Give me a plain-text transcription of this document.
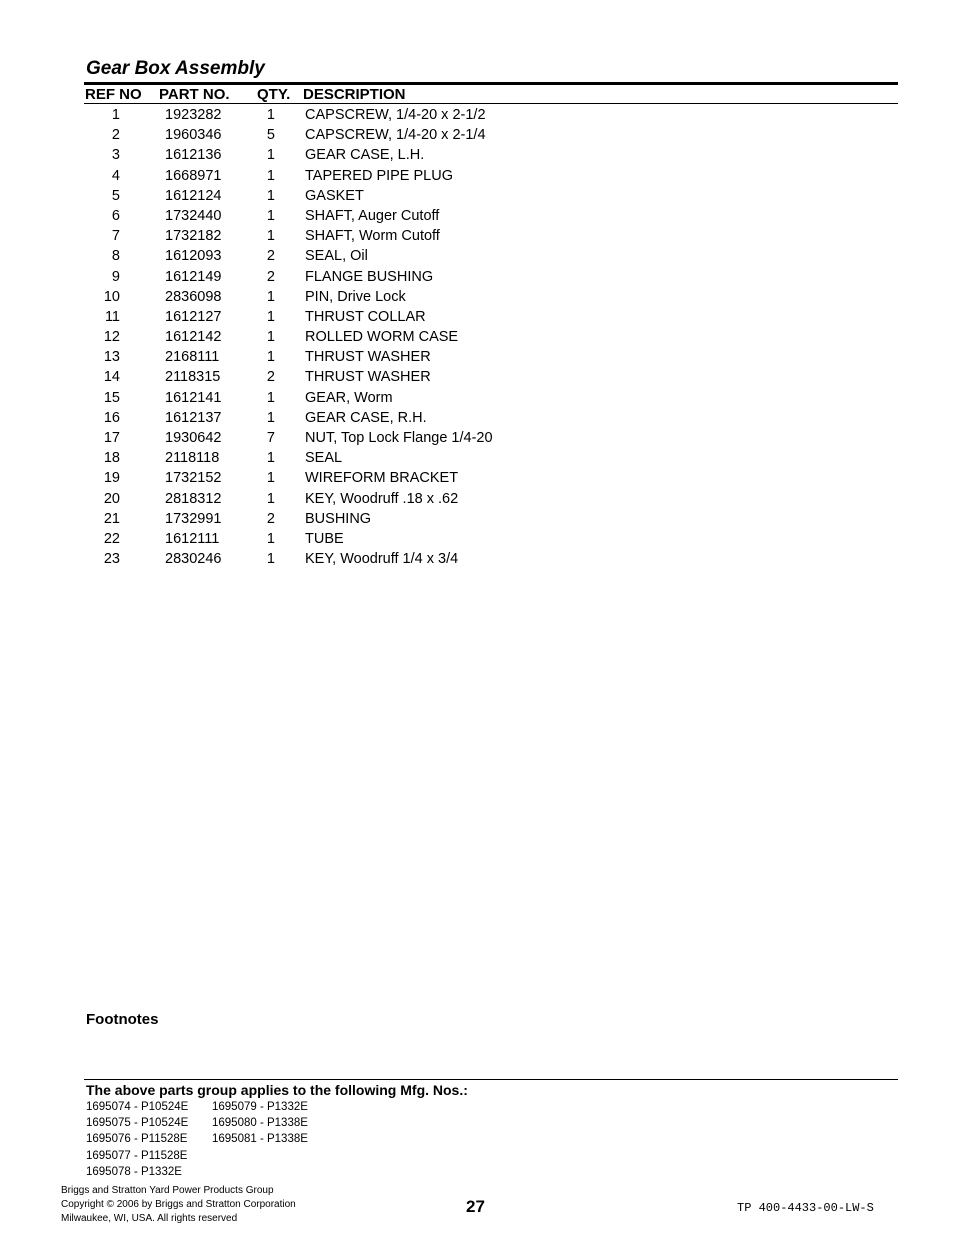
Gear Box Assembly
REF NO PART NO. QTY. DESCRIPTION
1	1923282	1 CAPSCREW, 1/4-20 x 2-1/2
2	1960346	5 CAPSCREW, 1/4-20 x 2-1/4
3	1612136	1 GEAR CASE, L.H.
4	1668971	1 TAPERED PIPE PLUG
5	1612124	1 GASKET
6	1732440	1 SHAFT, Auger Cutoff
7	1732182	1 SHAFT, Worm Cutoff
8	1612093	2 SEAL, Oil
9	1612149	2 FLANGE BUSHING
10	2836098	1 PIN, Drive Lock
11	1612127	1 THRUST COLLAR
12	1612142	1 ROLLED WORM CASE
13	2168111	1 THRUST WASHER
14	2118315	2 THRUST WASHER
15	1612141	1 GEAR, Worm
16	1612137	1 GEAR CASE, R.H.
17	1930642	7 NUT, Top Lock Flange 1/4-20
18	2118118	1 SEAL
19	1732152	1 WIREFORM BRACKET
20	2818312	1 KEY, Woodruff .18 x .62
21	1732991	2 BUSHING
22	1612111	1 TUBE
23	2830246	1 KEY, Woodruff 1/4 x 3/4
Footnotes
The above parts group applies to the following Mfg. Nos.:
1695074 - P10524E
1695075 - P10524E
1695076 - P11528E
1695077 - P11528E
1695078 - P1332E
1695079 - P1332E
1695080 - P1338E
1695081 - P1338E
Briggs and Stratton Yard Power Products Group
Copyright © 2006 by Briggs and Stratton Corporation
Milwaukee, WI, USA. All rights reserved
27	TP 400-4433-00-LW-S
